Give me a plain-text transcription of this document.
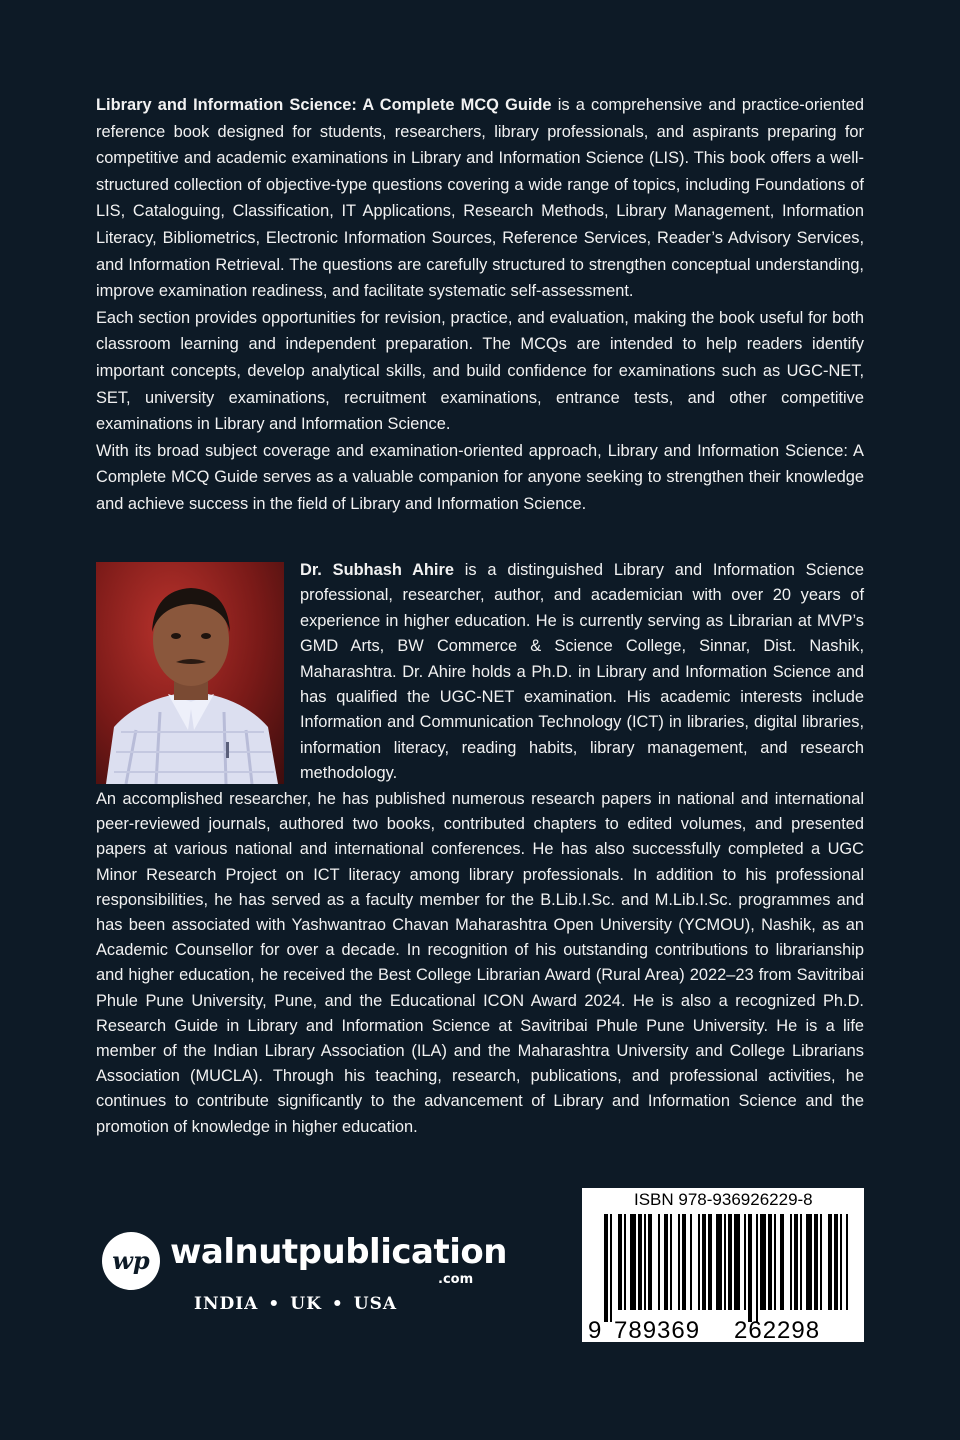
Library and Information Science: A Complete MCQ Guide is a comprehensive and practice-oriented reference book designed for students, researchers, library professionals, and aspirants preparing for competitive and academic examinations in Library and Information Science (LIS). This book offers a well-structured collection of objective-type questions covering a wide range of topics, including Foundations of LIS, Cataloguing, Classification, IT Applications, Research Methods, Library Management, Information Literacy, Bibliometrics, Electronic Information Sources, Reference Services, Reader’s Advisory Services, and Information Retrieval. The questions are carefully structured to strengthen conceptual understanding, improve examination readiness, and facilitate systematic self-assessment.

Each section provides opportunities for revision, practice, and evaluation, making the book useful for both classroom learning and independent preparation. The MCQs are intended to help readers identify important concepts, develop analytical skills, and build confidence for examinations such as UGC-NET, SET, university examinations, recruitment examinations, entrance tests, and other competitive examinations in Library and Information Science.

With its broad subject coverage and examination-oriented approach, Library and Information Science: A Complete MCQ Guide serves as a valuable companion for anyone seeking to strengthen their knowledge and achieve success in the field of Library and Information Science.

Dr. Subhash Ahire is a distinguished Library and Information Science professional, researcher, author, and academician with over 20 years of experience in higher education. He is currently serving as Librarian at MVP’s GMD Arts, BW Commerce & Science College, Sinnar, Dist. Nashik, Maharashtra. Dr. Ahire holds a Ph.D. in Library and Information Science and has qualified the UGC-NET examination. His academic interests include Information and Communication Technology (ICT) in libraries, digital libraries, information literacy, reading habits, library management, and research methodology.

An accomplished researcher, he has published numerous research papers in national and international peer-reviewed journals, authored two books, contributed chapters to edited volumes, and presented papers at various national and international conferences. He has also successfully completed a UGC Minor Research Project on ICT literacy among library professionals. In addition to his professional responsibilities, he has served as a faculty member for the B.Lib.I.Sc. and M.Lib.I.Sc. programmes and has been associated with Yashwantrao Chavan Maharashtra Open University (YCMOU), Nashik, as an Academic Counsellor for over a decade. In recognition of his outstanding contributions to librarianship and higher education, he received the Best College Librarian Award (Rural Area) 2022–23 from Savitribai Phule Pune University, Pune, and the Educational ICON Award 2024. He is also a recognized Ph.D. Research Guide in Library and Information Science at Savitribai Phule Pune University. He is a life member of the Indian Library Association (ILA) and the Maharashtra University and College Librarians Association (MUCLA). Through his teaching, research, publications, and professional activities, he continues to contribute significantly to the advancement of Library and Information Science and the promotion of knowledge in higher education.

wp walnutpublication
.com
INDIA • UK • USA
ISBN 978-936926229-8
9 789369 262298
